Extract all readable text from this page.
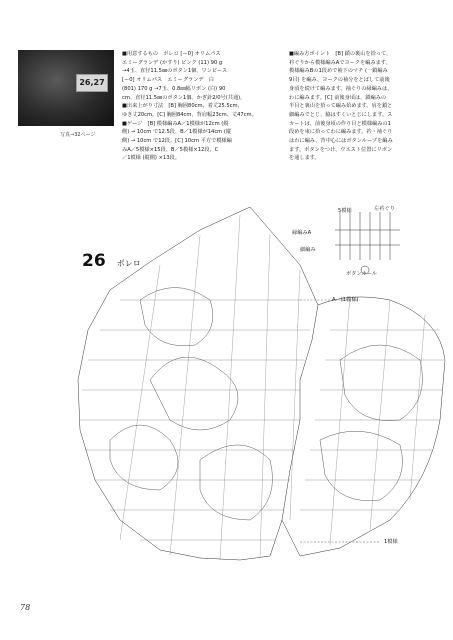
26,27
写真→32ページ

■用意するもの　ボレロ [ー0] オリムパス

エミーグランデ (かすり) ピンク (11) 90 g

→4玉、直径11.5㎜のボタン1個。ワンピース

[ー0] オリムパス　エミーグランデ　白

(801) 170 g →7玉、0.8㎜幅リボン (白) 90

cm、直径11.5㎜のボタン1個。かぎ針2/0号(共通)。

■出来上がり寸法　[B] 胸囲80cm、着丈25.5cm、

ゆき丈20cm。[C] 胸囲84cm、背肩幅23cm、丈47cm。

■ゲージ　[B] 模様編みA／1模様が12cm (縦

側) → 10cm で12.5段、B／1模様が14cm (縦

側) → 10cm で12段。[C] 10cm 平方で模様編

みA／5模様×15段、B／5模様×12段、C

／1模様 (縦側) ×13段。

■編み方ポイント　[B] 鎖の裏山を拾って、

衿ぐりから模様編みAでヨークを編みます。

模様編みBの1段めで袖下のマチ (一鎖編み

9目) を編み、ヨークの袖分をとばして前後

身頃を続けて編みます。袖ぐりの縁編みは、

わに編みます。[C] 前後身頃は、鎖編みの

半目と裏山を拾って編み始めます。肩を鎖と

細編みでとじ、脇はすくいとじにします。ス

カートは、前後身頃の作り目と模様編みの1

段めを束に拾ってわに編みます。衿・袖ぐり

はわに編み、背中心にはボタンループを編み

ます。ボタンをつけ、ウエスト位置にリボン

を通します。

左衿ぐり
縁編みA
細編み
5模様
ボタンホール
A　(1模様)
1模様
26 ボレロ
78
